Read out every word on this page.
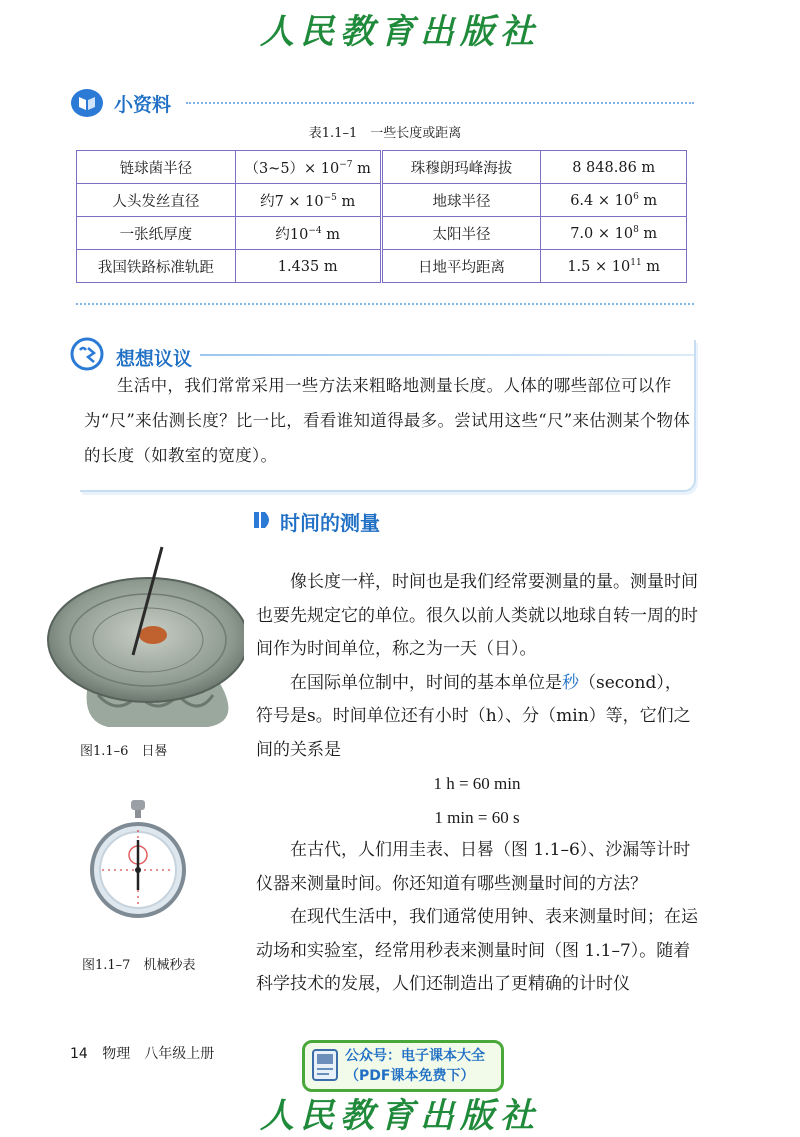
人民教育出版社
小资料
表1.1–1　一些长度或距离
链球菌半径	（3~5）× $10^{-7}$ m	珠穆朗玛峰海拔	8 848.86 m
人头发丝直径	约$7 \times 10^{-5}$ m	地球半径	$6.4 \times 10^6$ m
一张纸厚度	约$10^{-4}$ m	太阳半径	$7.0 \times 10^8$ m
我国铁路标准轨距	1.435 m	日地平均距离	$1.5 \times 10^{11}$ m
想想议议

生活中，我们常常采用一些方法来粗略地测量长度。人体的哪些部位可以作为“尺”来估测长度？比一比，看看谁知道得最多。尝试用这些“尺”来估测某个物体的长度（如教室的宽度）。

时间的测量
图1.1–6　日晷
图1.1–7　机械秒表

像长度一样，时间也是我们经常要测量的量。测量时间也要先规定它的单位。很久以前人类就以地球自转一周的时间作为时间单位，称之为一天（日）。

在国际单位制中，时间的基本单位是秒（second），符号是s。时间单位还有小时（h）、分（min）等，它们之间的关系是

1 h = 60 min

1 min = 60 s

在古代，人们用圭表、日晷（图 1.1–6）、沙漏等计时仪器来测量时间。你还知道有哪些测量时间的方法？

在现代生活中，我们通常使用钟、表来测量时间；在运动场和实验室，经常用秒表来测量时间（图 1.1–7）。随着科学技术的发展，人们还制造出了更精确的计时仪

14 物理　八年级上册	公众号：电子课本大全
（PDF课本免费下）
人民教育出版社
